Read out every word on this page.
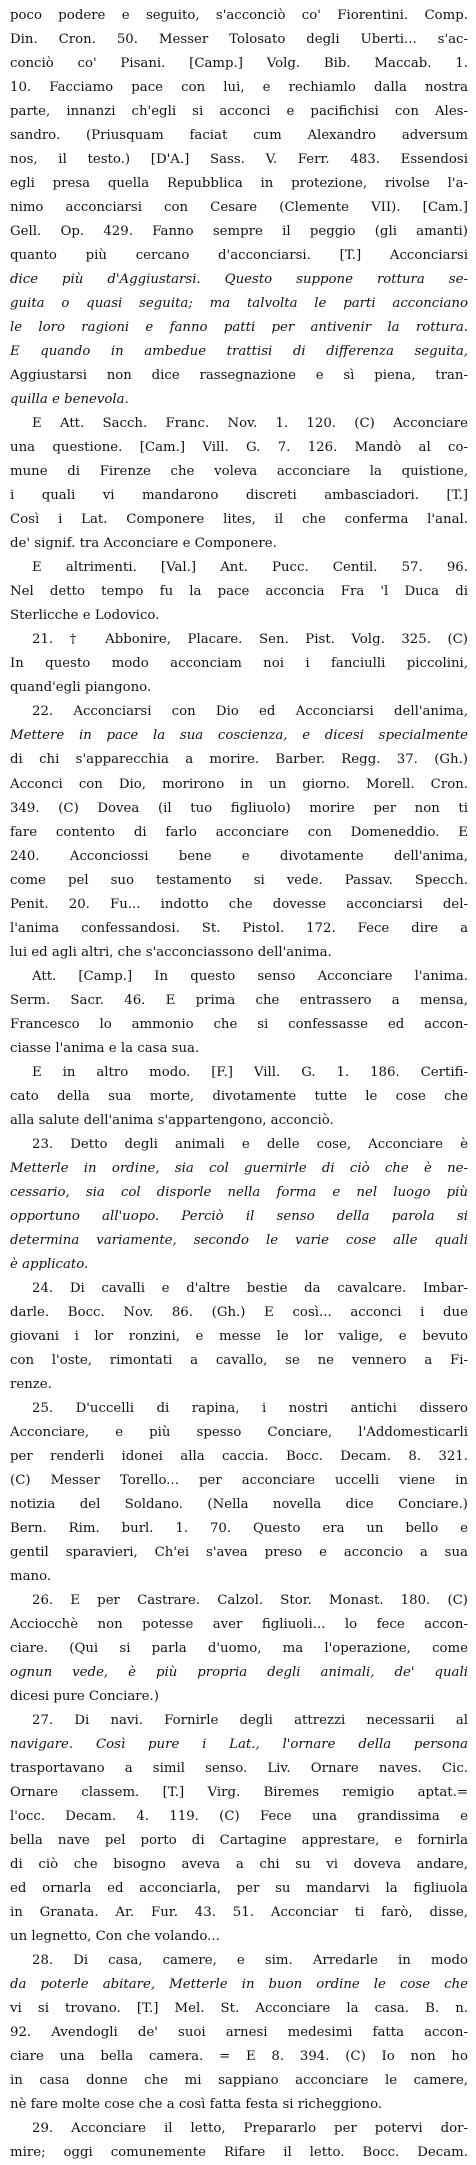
poco podere e seguito, s'acconciò co' Fiorentini. Comp.
Din. Cron. 50. Messer Tolosato degli Uberti... s'ac-
conciò co' Pisani. [Camp.] Volg. Bib. Maccab. 1.
10. Facciamo pace con lui, e rechiamlo dalla nostra
parte, innanzi ch'egli si acconci e pacifichisi con Ales-
sandro. (Priusquam faciat cum Alexandro adversum
nos, il testo.) [D'A.] Sass. V. Ferr. 483. Essendosi
egli presa quella Repubblica in protezione, rivolse l'a-
nimo acconciarsi con Cesare (Clemente VII). [Cam.]
Gell. Op. 429. Fanno sempre il peggio (gli amanti)
quanto più cercano d'acconciarsi. [T.] Acconciarsi
dice più d'Aggiustarsi. Questo suppone rottura se-
guita o quasi seguita; ma talvolta le parti acconciano
le loro ragioni e fanno patti per antivenir la rottura.
E quando in ambedue trattisi di differenza seguita,
Aggiustarsi non dice rassegnazione e sì piena, tran-
quilla e benevola.
E Att. Sacch. Franc. Nov. 1. 120. (C) Acconciare
una questione. [Cam.] Vill. G. 7. 126. Mandò al co-
mune di Firenze che voleva acconciare la quistione,
i quali vi mandarono discreti ambasciadori. [T.]
Così i Lat. Componere lites, il che conferma l'anal.
de' signif. tra Acconciare e Componere.
E altrimenti. [Val.] Ant. Pucc. Centil. 57. 96.
Nel detto tempo fu la pace acconcia Fra 'l Duca di
Sterlicche e Lodovico.
21. † Abbonire, Placare. Sen. Pist. Volg. 325. (C)
In questo modo acconciam noi i fanciulli piccolini,
quand'egli piangono.
22. Acconciarsi con Dio ed Acconciarsi dell'anima,
Mettere in pace la sua coscienza, e dicesi specialmente
di chi s'apparecchia a morire. Barber. Regg. 37. (Gh.)
Acconci con Dio, morirono in un giorno. Morell. Cron.
349. (C) Dovea (il tuo figliuolo) morire per non ti
fare contento di farlo acconciare con Domeneddio. E
240. Acconciossi bene e divotamente dell'anima,
come pel suo testamento si vede. Passav. Specch.
Penit. 20. Fu... indotto che dovesse acconciarsi del-
l'anima confessandosi. St. Pistol. 172. Fece dire a
lui ed agli altri, che s'acconciassono dell'anima.
Att. [Camp.] In questo senso Acconciare l'anima.
Serm. Sacr. 46. E prima che entrassero a mensa,
Francesco lo ammonio che si confessasse ed accon-
ciasse l'anima e la casa sua.
E in altro modo. [F.] Vill. G. 1. 186. Certifi-
cato della sua morte, divotamente tutte le cose che
alla salute dell'anima s'appartengono, acconciò.
23. Detto degli animali e delle cose, Acconciare è
Metterle in ordine, sia col guernirle di ciò che è ne-
cessario, sia col disporle nella forma e nel luogo più
opportuno all'uopo. Perciò il senso della parola si
determina variamente, secondo le varie cose alle quali
è applicato.
24. Di cavalli e d'altre bestie da cavalcare. Imbar-
darle. Bocc. Nov. 86. (Gh.) E così... acconci i due
giovani i lor ronzini, e messe le lor valige, e bevuto
con l'oste, rimontati a cavallo, se ne vennero a Fi-
renze.
25. D'uccelli di rapina, i nostri antichi dissero
Acconciare, e più spesso Conciare, l'Addomesticarli
per renderli idonei alla caccia. Bocc. Decam. 8. 321.
(C) Messer Torello... per acconciare uccelli viene in
notizia del Soldano. (Nella novella dice Conciare.)
Bern. Rim. burl. 1. 70. Questo era un bello e
gentil sparavieri, Ch'ei s'avea preso e acconcio a sua
mano.
26. E per Castrare. Calzol. Stor. Monast. 180. (C)
Acciocchè non potesse aver figliuoli... lo fece accon-
ciare. (Qui si parla d'uomo, ma l'operazione, come
ognun vede, è più propria degli animali, de' quali
dicesi pure Conciare.)
27. Di navi. Fornirle degli attrezzi necessarii al
navigare. Così pure i Lat., l'ornare della persona
trasportavano a simil senso. Liv. Ornare naves. Cic.
Ornare classem. [T.] Virg. Biremes remigio aptat.=
l'occ. Decam. 4. 119. (C) Fece una grandissima e
bella nave pel porto di Cartagine apprestare, e fornirla
di ciò che bisogno aveva a chi su vi doveva andare,
ed ornarla ed acconciarla, per su mandarvi la figliuola
in Granata. Ar. Fur. 43. 51. Acconciar ti farò, disse,
un legnetto, Con che volando...
28. Di casa, camere, e sim. Arredarle in modo
da poterle abitare, Metterle in buon ordine le cose che
vi si trovano. [T.] Mel. St. Acconciare la casa. B. n.
92. Avendogli de' suoi arnesi medesimi fatta accon-
ciare una bella camera. = E 8. 394. (C) Io non ho
in casa donne che mi sappiano acconciare le camere,
nè fare molte cose che a così fatta festa si richeggiono.
29. Acconciare il letto, Prepararlo per potervi dor-
mire; oggi comunemente Rifare il letto. Bocc. Decam.
